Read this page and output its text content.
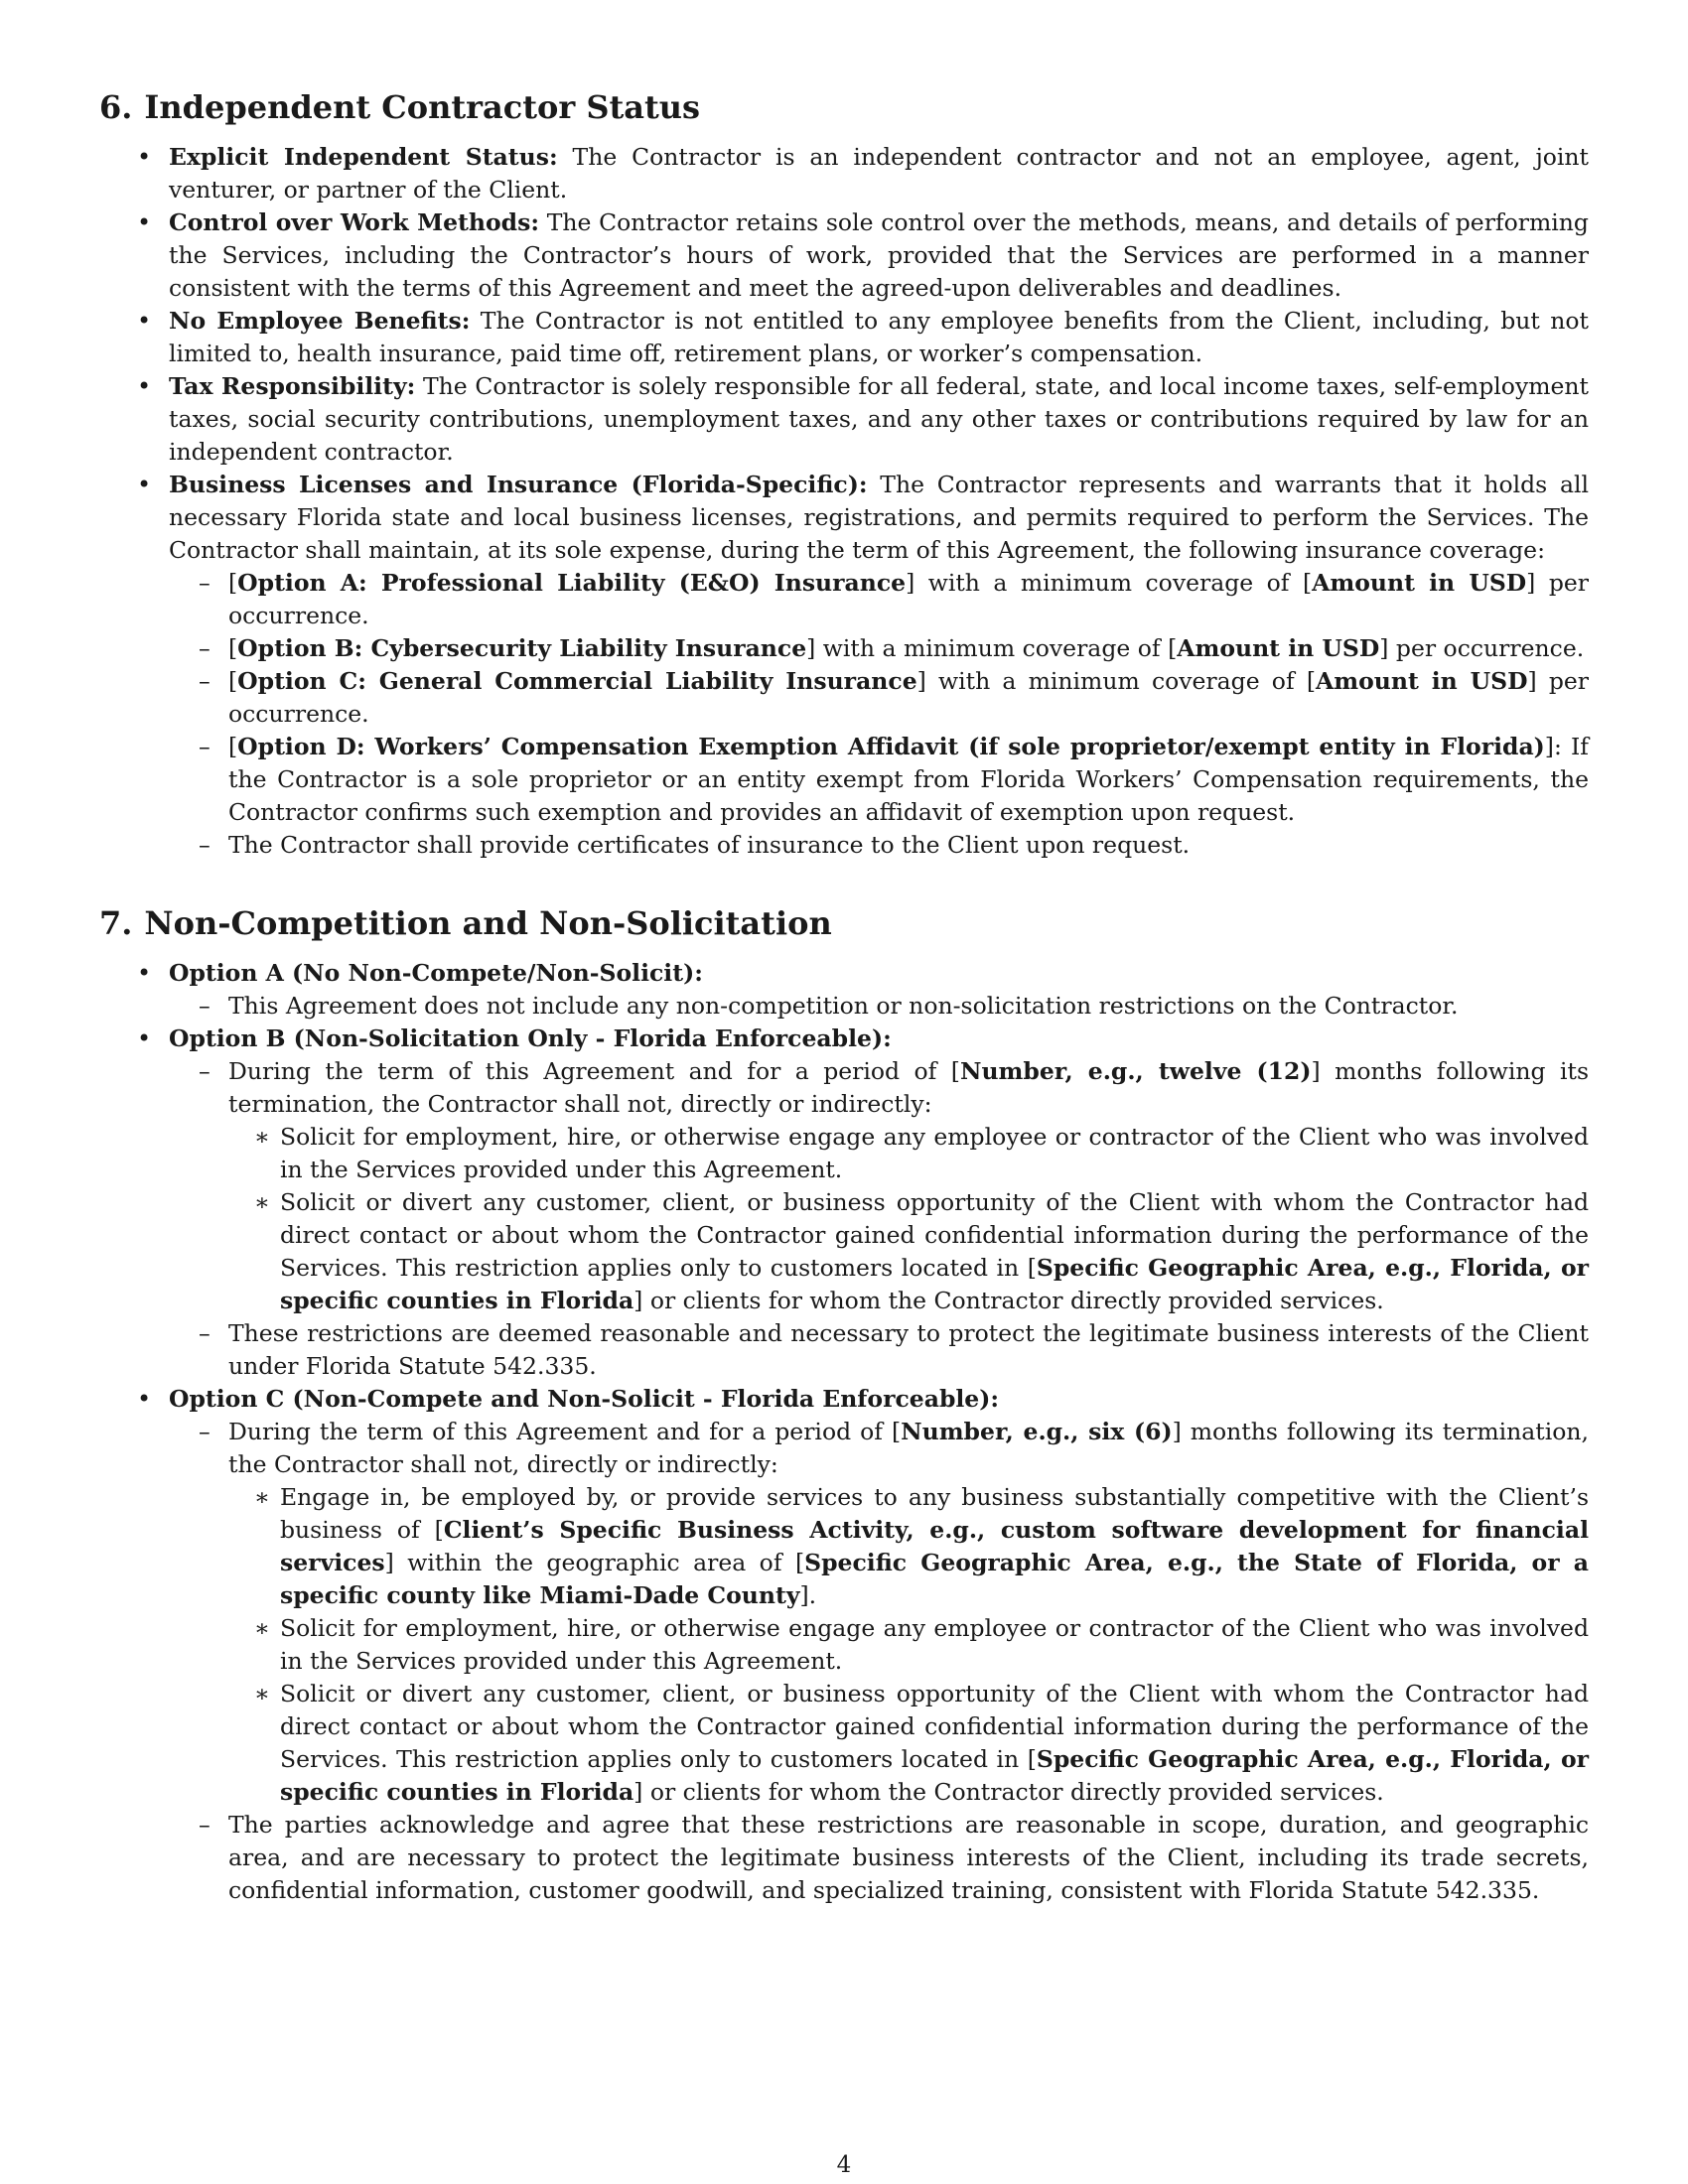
6. Independent Contractor Status
• Explicit Independent Status: The Contractor is an independent contractor and not an employee, agent, joint venturer, or partner of the Client.
• Control over Work Methods: The Contractor retains sole control over the methods, means, and details of performing the Services, including the Contractor’s hours of work, provided that the Services are performed in a manner consistent with the terms of this Agreement and meet the agreed-upon deliverables and deadlines.
• No Employee Benefits: The Contractor is not entitled to any employee benefits from the Client, including, but not limited to, health insurance, paid time off, retirement plans, or worker’s compensation.
• Tax Responsibility: The Contractor is solely responsible for all federal, state, and local income taxes, self-employment taxes, social security contributions, unemployment taxes, and any other taxes or contributions required by law for an independent contractor.
• Business Licenses and Insurance (Florida-Specific): The Contractor represents and warrants that it holds all necessary Florida state and local business licenses, registrations, and permits required to perform the Services. The Contractor shall maintain, at its sole expense, during the term of this Agreement, the following insurance coverage:
– [Option A: Professional Liability (E&O) Insurance] with a minimum coverage of [Amount in USD] per occurrence.
– [Option B: Cybersecurity Liability Insurance] with a minimum coverage of [Amount in USD] per occurrence.
– [Option C: General Commercial Liability Insurance] with a minimum coverage of [Amount in USD] per occurrence.
– [Option D: Workers’ Compensation Exemption Affidavit (if sole proprietor/exempt entity in Florida)]: If the Contractor is a sole proprietor or an entity exempt from Florida Workers’ Compensation requirements, the Contractor confirms such exemption and provides an affidavit of exemption upon request.
– The Contractor shall provide certificates of insurance to the Client upon request.
7. Non-Competition and Non-Solicitation
• Option A (No Non-Compete/Non-Solicit):
– This Agreement does not include any non-competition or non-solicitation restrictions on the Contractor.
• Option B (Non-Solicitation Only - Florida Enforceable):
– During the term of this Agreement and for a period of [Number, e.g., twelve (12)] months following its termination, the Contractor shall not, directly or indirectly:
∗ Solicit for employment, hire, or otherwise engage any employee or contractor of the Client who was involved in the Services provided under this Agreement.
∗ Solicit or divert any customer, client, or business opportunity of the Client with whom the Contractor had direct contact or about whom the Contractor gained confidential information during the performance of the Services. This restriction applies only to customers located in [Specific Geographic Area, e.g., Florida, or specific counties in Florida] or clients for whom the Contractor directly provided services.
– These restrictions are deemed reasonable and necessary to protect the legitimate business interests of the Client under Florida Statute 542.335.
• Option C (Non-Compete and Non-Solicit - Florida Enforceable):
– During the term of this Agreement and for a period of [Number, e.g., six (6)] months following its termination, the Contractor shall not, directly or indirectly:
∗ Engage in, be employed by, or provide services to any business substantially competitive with the Client’s business of [Client’s Specific Business Activity, e.g., custom software development for financial services] within the geographic area of [Specific Geographic Area, e.g., the State of Florida, or a specific county like Miami-Dade County].
∗ Solicit for employment, hire, or otherwise engage any employee or contractor of the Client who was involved in the Services provided under this Agreement.
∗ Solicit or divert any customer, client, or business opportunity of the Client with whom the Contractor had direct contact or about whom the Contractor gained confidential information during the performance of the Services. This restriction applies only to customers located in [Specific Geographic Area, e.g., Florida, or specific counties in Florida] or clients for whom the Contractor directly provided services.
– The parties acknowledge and agree that these restrictions are reasonable in scope, duration, and geographic area, and are necessary to protect the legitimate business interests of the Client, including its trade secrets, confidential information, customer goodwill, and specialized training, consistent with Florida Statute 542.335.
4
